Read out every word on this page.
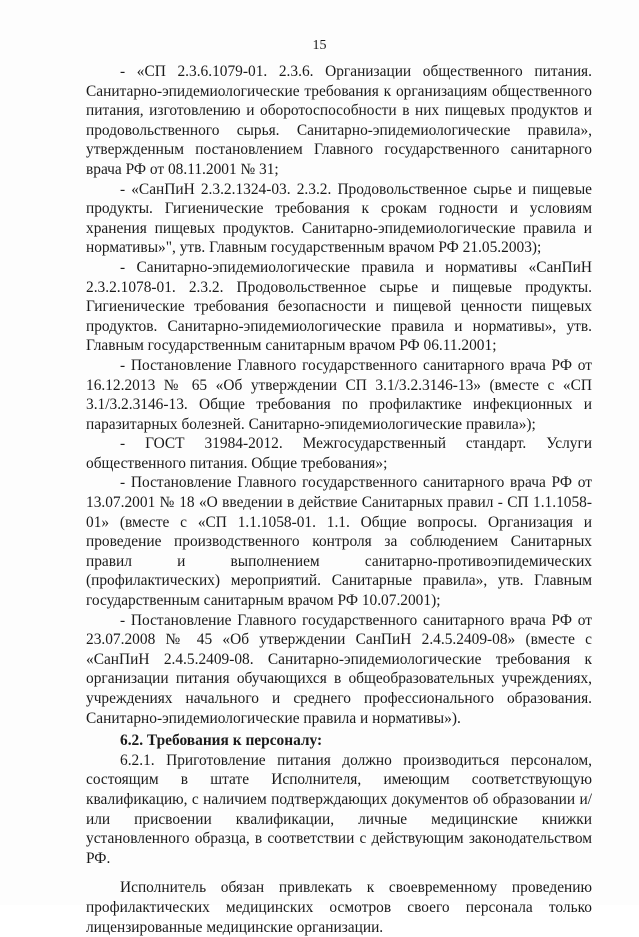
15

- «СП 2.3.6.1079-01. 2.3.6. Организации общественного питания. Санитарно-эпидемиологические требования к организациям общественного питания, изготовлению и оборотоспособности в них пищевых продуктов и продовольственного сырья. Санитарно-эпидемиологические правила», утвержденным постановлением Главного государственного санитарного врача РФ от 08.11.2001 № 31;

- «СанПиН 2.3.2.1324-03. 2.3.2. Продовольственное сырье и пищевые продукты. Гигиенические требования к срокам годности и условиям хранения пищевых продуктов. Санитарно-эпидемиологические правила и нормативы»", утв. Главным государственным врачом РФ 21.05.2003);

- Санитарно-эпидемиологические правила и нормативы «СанПиН 2.3.2.1078-01. 2.3.2. Продовольственное сырье и пищевые продукты. Гигиенические требования безопасности и пищевой ценности пищевых продуктов. Санитарно-эпидемиологические правила и нормативы», утв. Главным государственным санитарным врачом РФ 06.11.2001;

- Постановление Главного государственного санитарного врача РФ от 16.12.2013 № 65 «Об утверждении СП 3.1/3.2.3146-13» (вместе с «СП 3.1/3.2.3146-13. Общие требования по профилактике инфекционных и паразитарных болезней. Санитарно-эпидемиологические правила»);

- ГОСТ 31984-2012. Межгосударственный стандарт. Услуги общественного питания. Общие требования»;

- Постановление Главного государственного санитарного врача РФ от 13.07.2001 № 18 «О введении в действие Санитарных правил - СП 1.1.1058-01» (вместе с «СП 1.1.1058-01. 1.1. Общие вопросы. Организация и проведение производственного контроля за соблюдением Санитарных правил и выполнением санитарно-противоэпидемических (профилактических) мероприятий. Санитарные правила», утв. Главным государственным санитарным врачом РФ 10.07.2001);

- Постановление Главного государственного санитарного врача РФ от 23.07.2008 № 45 «Об утверждении СанПиН 2.4.5.2409-08» (вместе с «СанПиН 2.4.5.2409-08. Санитарно-эпидемиологические требования к организации питания обучающихся в общеобразовательных учреждениях, учреждениях начального и среднего профессионального образования. Санитарно-эпидемиологические правила и нормативы»).

6.2. Требования к персоналу:

6.2.1. Приготовление питания должно производиться персоналом, состоящим в штате Исполнителя, имеющим соответствующую квалификацию, с наличием подтверждающих документов об образовании и/или присвоении квалификации, личные медицинские книжки установленного образца, в соответствии с действующим законодательством РФ.

Исполнитель обязан привлекать к своевременному проведению профилактических медицинских осмотров своего персонала только лицензированные медицинские организации.
